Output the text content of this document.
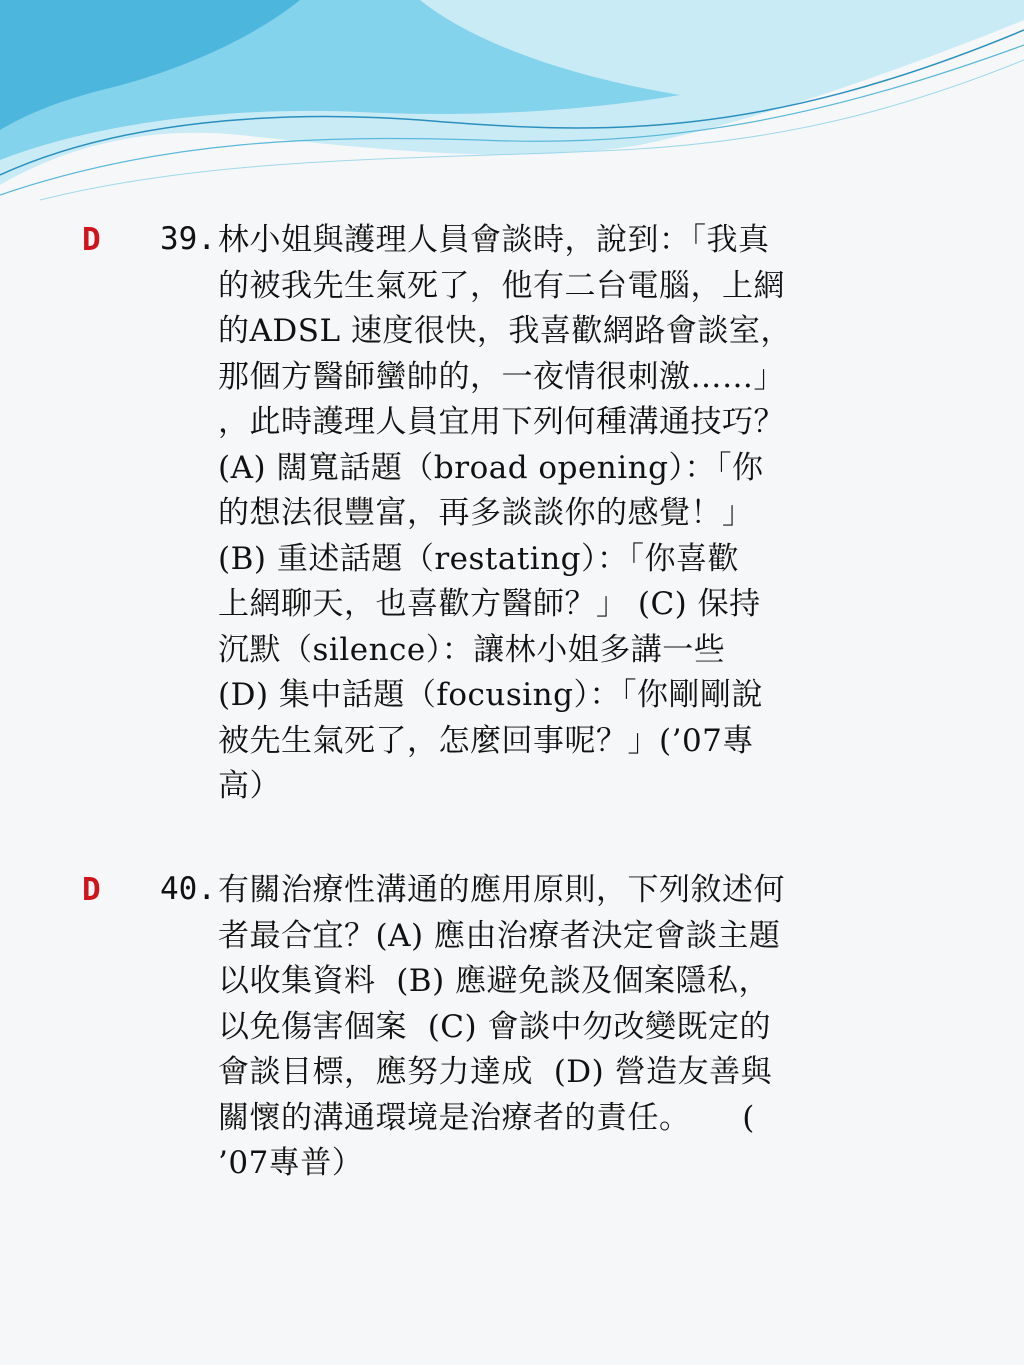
D 39. 林小姐與護理人員會談時，說到：「我真
的被我先生氣死了，他有二台電腦，上網
的ADSL 速度很快，我喜歡網路會談室，
那個方醫師蠻帥的，一夜情很刺激……」
，此時護理人員宜用下列何種溝通技巧？
(A) 闊寬話題（broad opening）：「你
的想法很豐富，再多談談你的感覺！」
(B) 重述話題（restating）：「你喜歡
上網聊天，也喜歡方醫師？」 (C) 保持
沉默（silence）：讓林小姐多講一些
(D) 集中話題（focusing）：「你剛剛說
被先生氣死了，怎麼回事呢？」(’07專
高）
D 40. 有關治療性溝通的應用原則，下列敘述何
者最合宜？(A) 應由治療者決定會談主題
以收集資料  (B) 應避免談及個案隱私，
以免傷害個案  (C) 會談中勿改變既定的
會談目標，應努力達成  (D) 營造友善與
關懷的溝通環境是治療者的責任。     (
’07專普）
